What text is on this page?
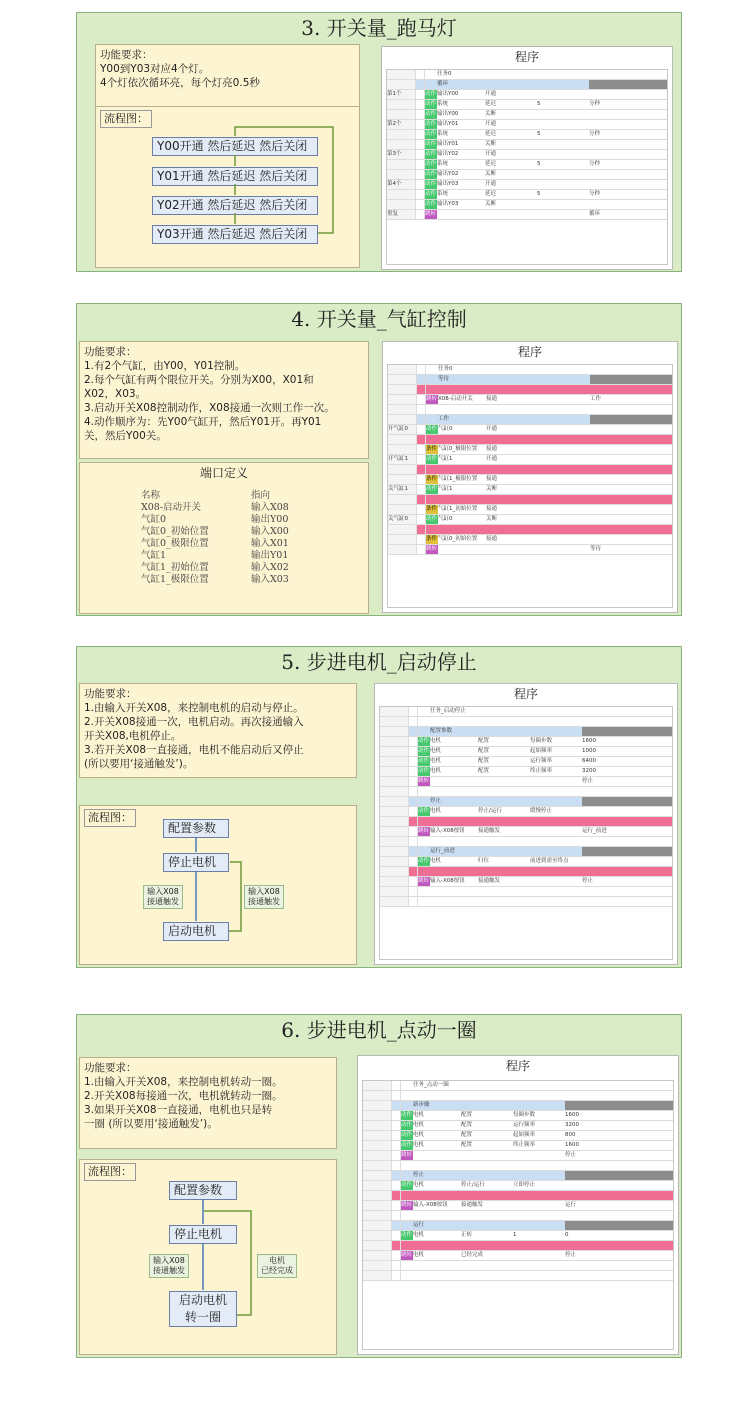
3. 开关量_跑马灯
功能要求：
Y00到Y03对应4个灯。
4个灯依次循环亮，每个灯亮0.5秒
流程图：
Y00开通 然后延迟 然后关闭
Y01开通 然后延迟 然后关闭
Y02开通 然后延迟 然后关闭
Y03开通 然后延迟 然后关闭
程序
任务0
循环
第1个	动作 输出Y00	开通
动作 系统	延迟	5	分秒
动作 输出Y00	关断
第2个	动作 输出Y01	开通
动作 系统	延迟	5	分秒
动作 输出Y01	关断
第3个	动作 输出Y02	开通
动作 系统	延迟	5	分秒
动作 输出Y02	关断
第4个	动作 输出Y03	开通
动作 系统	延迟	5	分秒
动作 输出Y03	关断
重复	跳转	循环
4. 开关量_气缸控制
功能要求：
1.有2个气缸，由Y00，Y01控制。
2.每个气缸有两个限位开关。分别为X00，X01和
X02，X03。
3.启动开关X08控制动作，X08接通一次则工作一次。
4.动作顺序为：先Y00气缸开，然后Y01开。再Y01
关，然后Y00关。
端口定义
名称	指向
X08-启动开关	输入X08
气缸0	输出Y00
气缸0_初始位置	输入X00
气缸0_极限位置	输入X01
气缸1	输出Y01
气缸1_初始位置	输入X02
气缸1_极限位置	输入X03
程序
任务0
等待
跳转 X08-启动开关	接通	工作
工作
开气缸0	动作 气缸0	开通
条件 气缸0_极限位置	接通
开气缸1	动作 气缸1	开通
条件 气缸1_极限位置	接通
关气缸1	动作 气缸1	关断
条件 气缸1_初始位置	接通
关气缸0	动作 气缸0	关断
条件 气缸0_初始位置	接通
跳转	等待
5. 步进电机_启动停止
功能要求：
1.由输入开关X08，来控制电机的启动与停止。
2.开关X08接通一次，电机启动。再次接通输入
开关X08,电机停止。
3.若开关X08一直接通，电机不能启动后又停止
(所以要用‘接通触发’)。
流程图：
配置参数
停止电机
启动电机
输入X08
接通触发
输入X08
接通触发
程序
任务_启动停止
配置参数
动作 电机	配置	每圈步数	1600
动作 电机	配置	起始频率	1000
动作 电机	配置	运行频率	6400
动作 电机	配置	终止频率	3200
跳转	停止
停止
动作 电机	停止/运行	缓慢停止
跳转 输入-X08按钮	接通触发	运行_前进
运行_前进
动作 电机	归位	前进到需至终点
跳转 输入-X08按钮	接通触发	停止
6. 步进电机_点动一圈
功能要求：
1.由输入开关X08，来控制电机转动一圈。
2.开关X08每接通一次，电机就转动一圈。
3.如果开关X08一直接通，电机也只是转
一圈 (所以要用‘接通触发’)。
流程图：
配置参数
停止电机
启动电机
转一圈
输入X08
接通触发
电机
已经完成
程序
任务_点动一圈
新步骤
动作 电机	配置	每圈步数	1600
动作 电机	配置	运行频率	3200
动作 电机	配置	起始频率	800
动作 电机	配置	终止频率	1600
跳转	停止
停止
动作 电机	停止/运行	立即停止
跳转 输入-X08按钮	接通触发	运行
运行
动作 电机	正转	1	0
跳转 电机	已经完成	停止
